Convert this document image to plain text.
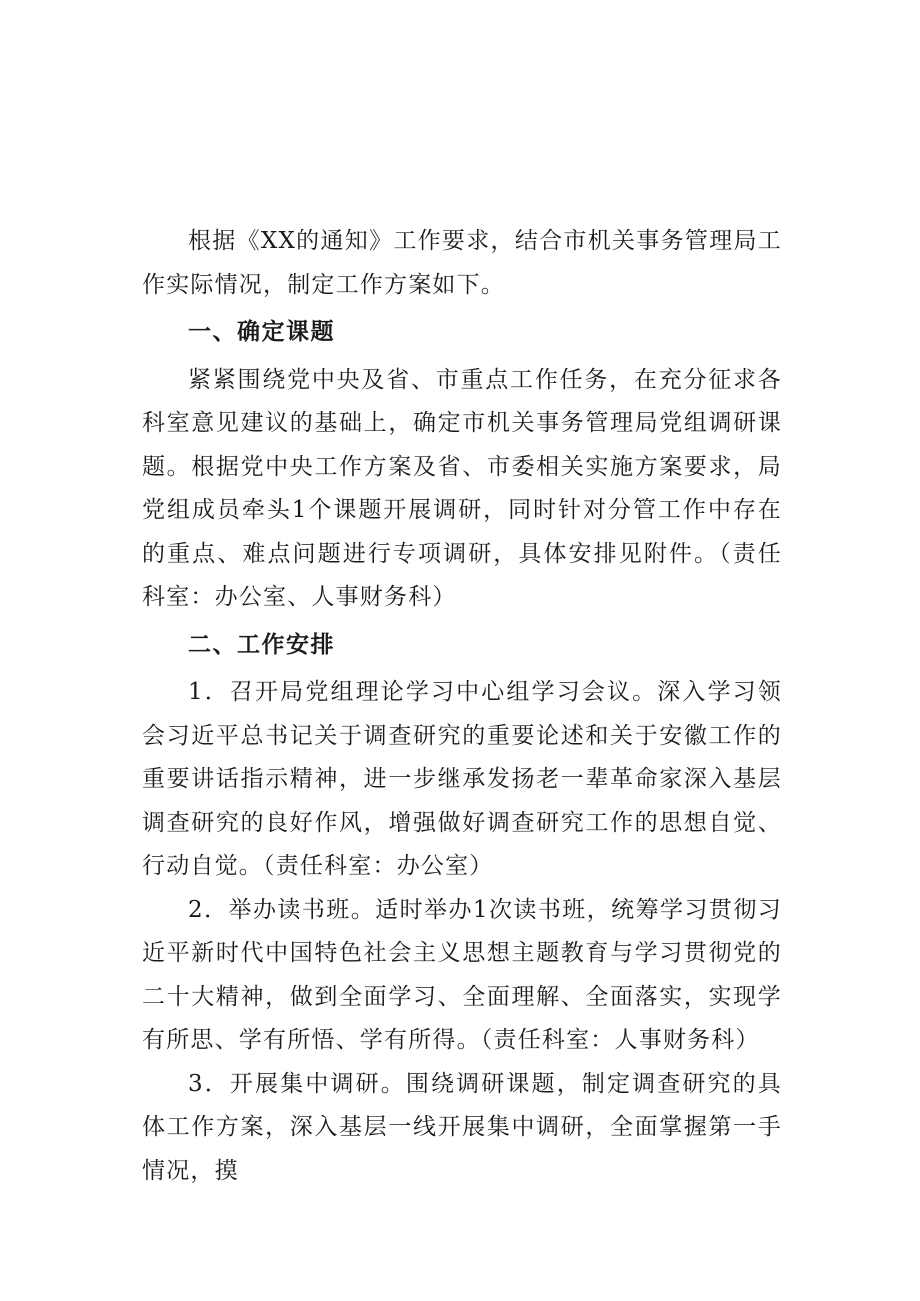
根据《XX的通知》工作要求，结合市机关事务管理局工作实际情况，制定工作方案如下。

一、确定课题

紧紧围绕党中央及省、市重点工作任务，在充分征求各科室意见建议的基础上，确定市机关事务管理局党组调研课题。根据党中央工作方案及省、市委相关实施方案要求，局党组成员牵头1个课题开展调研，同时针对分管工作中存在的重点、难点问题进行专项调研，具体安排见附件。（责任科室：办公室、人事财务科）

二、工作安排

1．召开局党组理论学习中心组学习会议。深入学习领会习近平总书记关于调查研究的重要论述和关于安徽工作的重要讲话指示精神，进一步继承发扬老一辈革命家深入基层调查研究的良好作风，增强做好调查研究工作的思想自觉、行动自觉。（责任科室：办公室）

2．举办读书班。适时举办1次读书班，统筹学习贯彻习近平新时代中国特色社会主义思想主题教育与学习贯彻党的二十大精神，做到全面学习、全面理解、全面落实，实现学有所思、学有所悟、学有所得。（责任科室：人事财务科）

3．开展集中调研。围绕调研课题，制定调查研究的具体工作方案，深入基层一线开展集中调研，全面掌握第一手情况，摸
